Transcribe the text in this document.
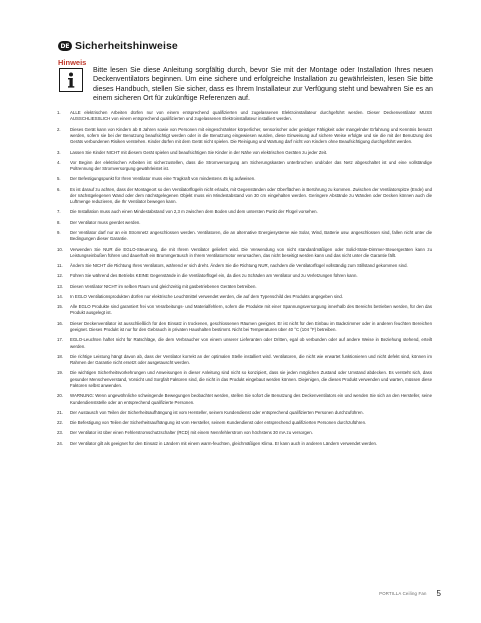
DE Sicherheitshinweise
Hinweis
Bitte lesen Sie diese Anleitung sorgfältig durch, bevor Sie mit der Montage oder Installation Ihres neuen Deckenventilators beginnen. Um eine sichere und erfolgreiche Installation zu gewährleisten, lesen Sie bitte dieses Handbuch, stellen Sie sicher, dass es Ihrem Installateur zur Verfügung steht und bewahren Sie es an einem sicheren Ort für zukünftige Referenzen auf.
1.	ALLE elektrischen Arbeiten dürfen nur von einem entsprechend qualifizierten und zugelassenen Elektroinstallateur durchgeführt werden. Dieser Deckenventilator MUSS AUSSCHLIESSLICH von einem entsprechend qualifizierten und zugelassenen Elektroinstallateur installiert werden.
2.	Dieses Gerät kann von Kindern ab 8 Jahren sowie von Personen mit eingeschränkter körperlicher, sensorischer oder geistiger Fähigkeit oder mangelnder Erfahrung und Kenntnis benutzt werden, sofern sie bei der Benutzung beaufsichtigt werden oder in die Benutzung eingewiesen wurden, diese Einweisung auf sichere Weise erfolgte und sie die mit der Benutzung des Geräts verbundenen Risiken verstehen. Kinder dürfen mit dem Gerät nicht spielen. Die Reinigung und Wartung darf nicht von Kindern ohne Beaufsichtigung durchgeführt werden.
3.	Lassen Sie Kinder NICHT mit diesem Gerät spielen und beaufsichtigen Sie Kinder in der Nähe von elektrischen Geräten zu jeder Zeit.
4.	Vor Beginn der elektrischen Arbeiten ist sicherzustellen, dass die Stromversorgung am Sicherungskasten unterbrochen und/oder das Netz abgeschaltet ist und eine vollständige Poltrennung der Stromversorgung gewährleistet ist.
5.	Der Befestigungspunkt für Ihren Ventilator muss eine Tragkraft von mindestens 45 kg aufweisen.
6.	Es ist darauf zu achten, dass der Montageort so den Ventilatorflügeln nicht erlaubt, mit Gegenständen oder Oberflächen in Berührung zu kommen. Zwischen der Ventilatorspitze (Ende) und der nächstgelegenen Wand oder dem nächstgelegenen Objekt muss ein Mindestabstand von 30 cm eingehalten werden. Geringere Abstände zu Wänden oder Decken können auch die Luftmenge reduzieren, die Ihr Ventilator bewegen kann.
7.	Die Installation muss auch einen Mindestabstand von 2,3 m zwischen dem Boden und dem untersten Punkt der Flügel vorsehen.
8.	Der Ventilator muss geerdet werden.
9.	Der Ventilator darf nur an ein Stromnetz angeschlossen werden. Ventilatoren, die an alternative Energiesysteme wie Solar, Wind, Batterie usw. angeschlossen sind, fallen nicht unter die Bedingungen dieser Garantie.
10.	Verwenden Sie NUR die EGLO-Steuerung, die mit Ihrem Ventilator geliefert wird. Die Verwendung von nicht standardmäßigen oder Solid-State-Dimmer-Steuergeräten kann zu Leistungseinbußen führen und dauerhaft ein Brummgeräusch in Ihrem Ventilatormotor verursachen, das nicht beseitigt werden kann und das nicht unter die Garantie fällt.
11.	Ändern Sie NICHT die Richtung Ihres Ventilators, während er sich dreht. Ändern Sie die Richtung NUR, nachdem die Ventilatorflügel vollständig zum Stillstand gekommen sind.
12.	Führen Sie während des Betriebs KEINE Gegenstände in die Ventilatorflügel ein, da dies zu Schäden am Ventilator und zu Verletzungen führen kann.
13.	Diesen Ventilator NICHT im selben Raum und gleichzeitig mit gasbetriebenen Geräten betreiben.
14.	In EGLO Ventilationsprodukten dürfen nur elektrische Leuchtmittel verwendet werden, die auf dem Typenschild des Produkts angegeben sind.
15.	Alle EGLO Produkte sind garantiert frei von Verarbeitungs- und Materialfehlern, sofern die Produkte mit einer Spannungsversorgung innerhalb des Bereichs betrieben werden, für den das Produkt ausgelegt ist.
16.	Dieser Deckenventilator ist ausschließlich für den Einsatz in trockenen, geschlossenen Räumen geeignet. Er ist nicht für den Einbau im Badezimmer oder in anderen feuchten Bereichen geeignet. Dieses Produkt ist nur für den Gebrauch in privaten Haushalten bestimmt. Nicht bei Temperaturen über 40 °C (104 °F) betreiben.
17.	EGLO-Leuchten haftet nicht für Ratschläge, die dem Verbraucher von einem unserer Lieferanten oder Dritten, egal ob verbunden oder auf andere Weise in Beziehung stehend, erteilt werden.
18.	Die richtige Leistung hängt davon ab, dass der Ventilator korrekt an der optimalen Stelle installiert wird. Ventilatoren, die nicht wie erwartet funktionieren und nicht defekt sind, können im Rahmen der Garantie nicht ersetzt oder ausgetauscht werden.
19.	Die wichtigen Sicherheitsvorkehrungen und Anweisungen in dieser Anleitung sind nicht so konzipiert, dass sie jeden möglichen Zustand oder Umstand abdecken. Es versteht sich, dass gesunder Menschenverstand, Vorsicht und Sorgfalt Faktoren sind, die nicht in das Produkt eingebaut werden können. Diejenigen, die dieses Produkt verwenden und warten, müssen diese Faktoren selbst anwenden.
20.	WARNUNG: Wenn ungewöhnliche schwingende Bewegungen beobachtet werden, stellen Sie sofort die Benutzung des Deckenventilators ein und wenden Sie sich an den Hersteller, seine Kundendienststelle oder an entsprechend qualifizierte Personen.
21.	Der Austausch von Teilen der Sicherheitsaufhängung ist vom Hersteller, seinem Kundendienst oder entsprechend qualifizierten Personen durchzuführen.
22.	Die Befestigung von Teilen der Sicherheitsaufhängung ist vom Hersteller, seinem Kundendienst oder entsprechend qualifizierten Personen durchzuführen.
23.	Der Ventilator ist über einen Fehlerstromschutzschalter (RCD) mit einem Nennfehlerstrom von höchstens 30 mA zu versorgen.
24.	Der Ventilator gilt als geeignet für den Einsatz in Ländern mit einem warm-feuchten, gleichmäßigen Klima. Er kann auch in anderen Ländern verwendet werden.
PORTILLA Ceiling Fan 5
